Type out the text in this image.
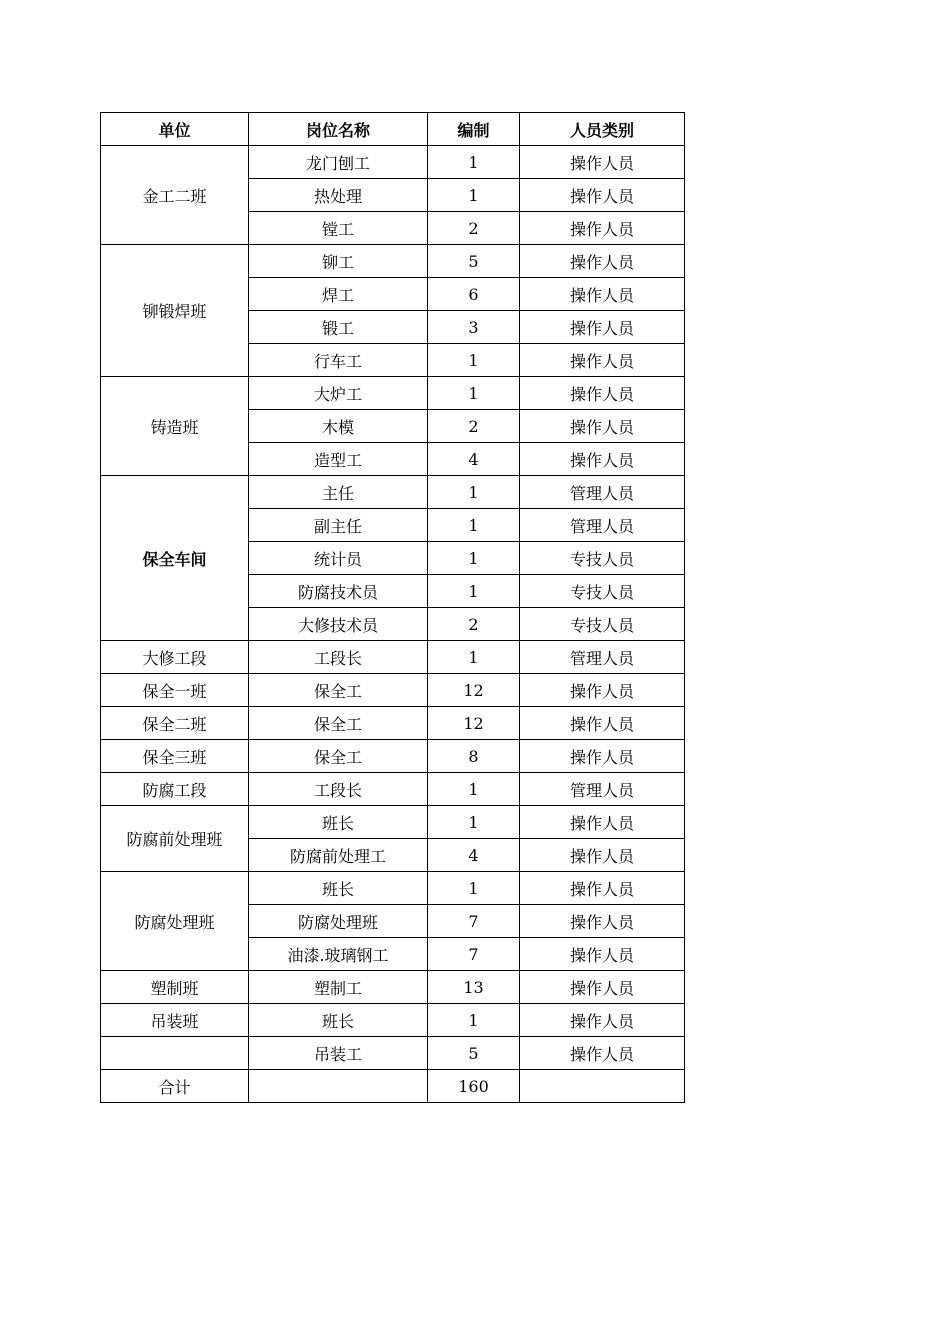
单位	岗位名称	编制	人员类别
金工二班	龙门刨工	1	操作人员
	热处理	1	操作人员
	镗工	2	操作人员
铆锻焊班	铆工	5	操作人员
	焊工	6	操作人员
	锻工	3	操作人员
	行车工	1	操作人员
铸造班	大炉工	1	操作人员
	木模	2	操作人员
	造型工	4	操作人员
保全车间	主任	1	管理人员
	副主任	1	管理人员
	统计员	1	专技人员
	防腐技术员	1	专技人员
	大修技术员	2	专技人员
大修工段	工段长	1	管理人员
保全一班	保全工	12	操作人员
保全二班	保全工	12	操作人员
保全三班	保全工	8	操作人员
防腐工段	工段长	1	管理人员
防腐前处理班	班长	1	操作人员
	防腐前处理工	4	操作人员
防腐处理班	班长	1	操作人员
	防腐处理班	7	操作人员
	油漆.玻璃钢工	7	操作人员
塑制班	塑制工	13	操作人员
吊装班	班长	1	操作人员
	吊装工	5	操作人员
合计		160	
